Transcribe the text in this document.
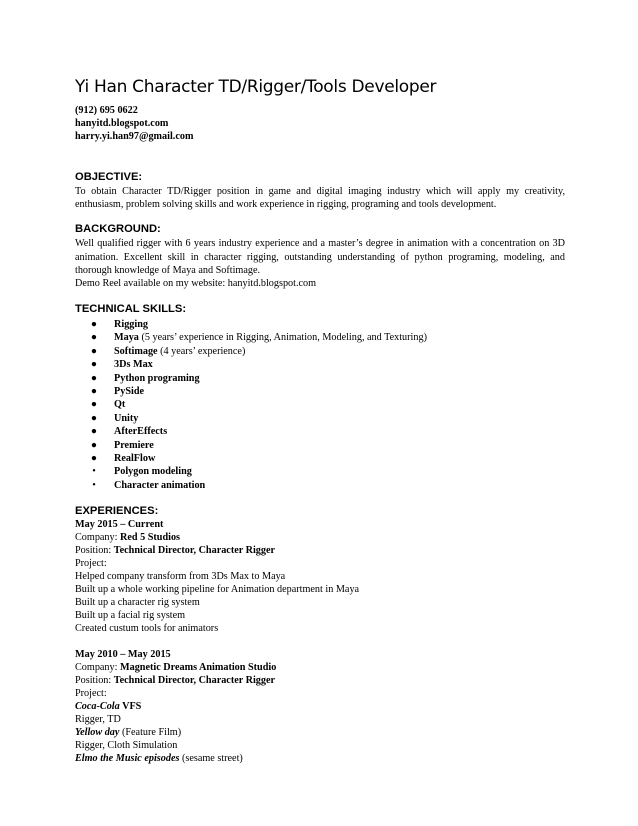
Yi Han Character TD/Rigger/Tools Developer
(912) 695 0622
hanyitd.blogspot.com
harry.yi.han97@gmail.com
OBJECTIVE:
To obtain Character TD/Rigger position in game and digital imaging industry which will apply my creativity, enthusiasm, problem solving skills and work experience in rigging, programing and tools development.
BACKGROUND:
Well qualified rigger with 6 years industry experience and a master’s degree in animation with a concentration on 3D animation. Excellent skill in character rigging, outstanding understanding of python programing, modeling, and thorough knowledge of Maya and Softimage.
Demo Reel available on my website: hanyitd.blogspot.com
TECHNICAL SKILLS:
● Rigging
● Maya (5 years’ experience in Rigging, Animation, Modeling, and Texturing)
● Softimage (4 years’ experience)
● 3Ds Max
● Python programing
● PySide
● Qt
● Unity
● AfterEffects
● Premiere
● RealFlow
• Polygon modeling
• Character animation
EXPERIENCES:
May 2015 – Current
Company: Red 5 Studios
Position: Technical Director, Character Rigger
Project:
Helped company transform from 3Ds Max to Maya
Built up a whole working pipeline for Animation department in Maya
Built up a character rig system
Built up a facial rig system
Created custum tools for animators
May 2010 – May 2015
Company: Magnetic Dreams Animation Studio
Position: Technical Director, Character Rigger
Project:
Coca-Cola VFS
Rigger, TD
Yellow day (Feature Film)
Rigger, Cloth Simulation
Elmo the Music episodes (sesame street)
